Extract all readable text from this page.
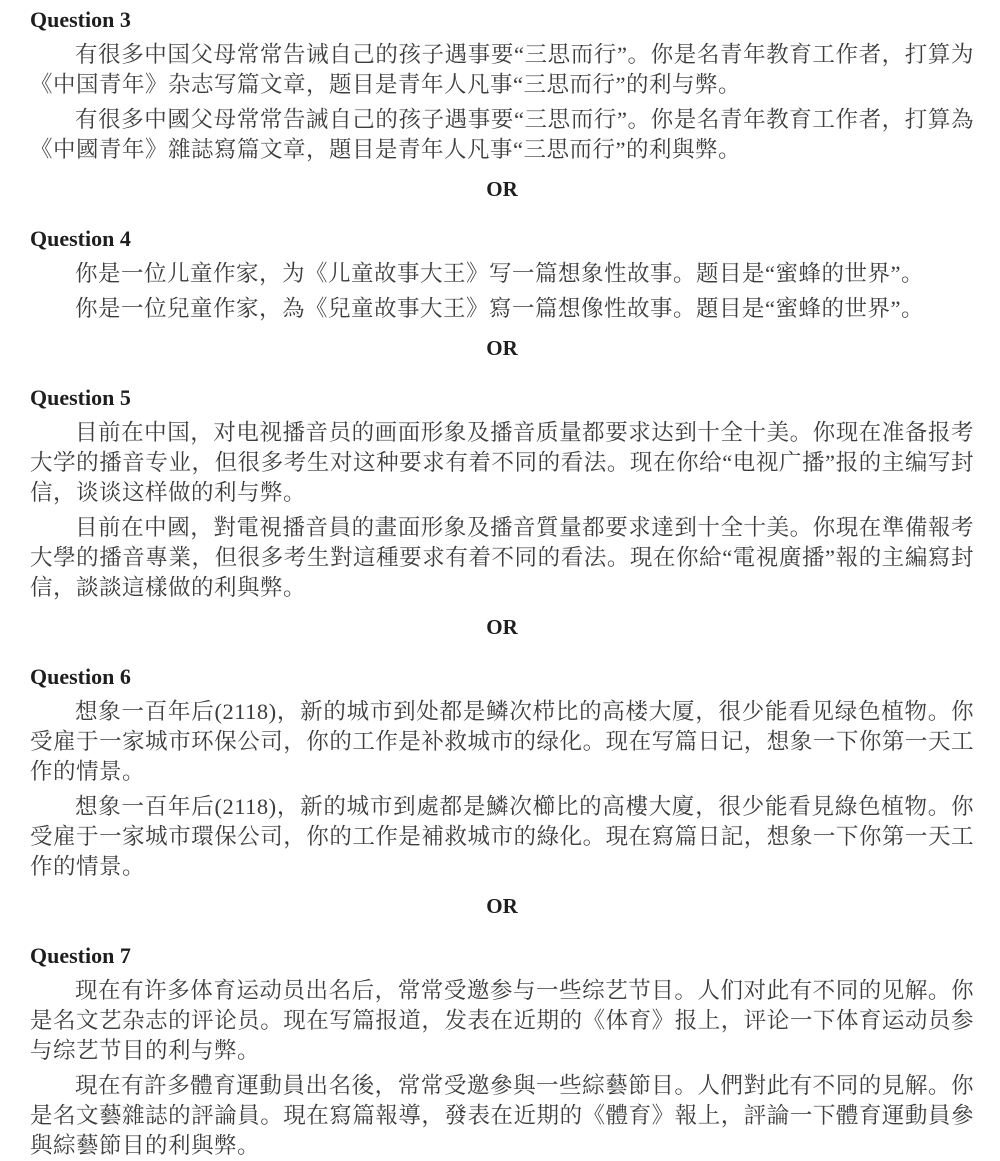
Question 3

有很多中国父母常常告诫自己的孩子遇事要“三思而行”。你是名青年教育工作者，打算为《中国青年》杂志写篇文章，题目是青年人凡事“三思而行”的利与弊。

有很多中國父母常常告誡自己的孩子遇事要“三思而行”。你是名青年教育工作者，打算為《中國青年》雜誌寫篇文章，題目是青年人凡事“三思而行”的利與弊。

OR
Question 4

你是一位儿童作家，为《儿童故事大王》写一篇想象性故事。题目是“蜜蜂的世界”。

你是一位兒童作家，為《兒童故事大王》寫一篇想像性故事。題目是“蜜蜂的世界”。

OR
Question 5

目前在中国，对电视播音员的画面形象及播音质量都要求达到十全十美。你现在准备报考大学的播音专业，但很多考生对这种要求有着不同的看法。现在你给“电视广播”报的主编写封信，谈谈这样做的利与弊。

目前在中國，對電視播音員的畫面形象及播音質量都要求達到十全十美。你現在準備報考大學的播音專業，但很多考生對這種要求有着不同的看法。現在你給“電視廣播”報的主編寫封信，談談這樣做的利與弊。

OR
Question 6

想象一百年后(2118)，新的城市到处都是鳞次栉比的高楼大厦，很少能看见绿色植物。你受雇于一家城市环保公司，你的工作是补救城市的绿化。现在写篇日记，想象一下你第一天工作的情景。

想象一百年后(2118)，新的城市到處都是鱗次櫛比的高樓大廈，很少能看見綠色植物。你受雇于一家城市環保公司，你的工作是補救城市的綠化。現在寫篇日記，想象一下你第一天工作的情景。

OR
Question 7

现在有许多体育运动员出名后，常常受邀参与一些综艺节目。人们对此有不同的见解。你是名文艺杂志的评论员。现在写篇报道，发表在近期的《体育》报上，评论一下体育运动员参与综艺节目的利与弊。

現在有許多體育運動員出名後，常常受邀參與一些綜藝節目。人們對此有不同的見解。你是名文藝雜誌的評論員。現在寫篇報導，發表在近期的《體育》報上，評論一下體育運動員參與綜藝節目的利與弊。
